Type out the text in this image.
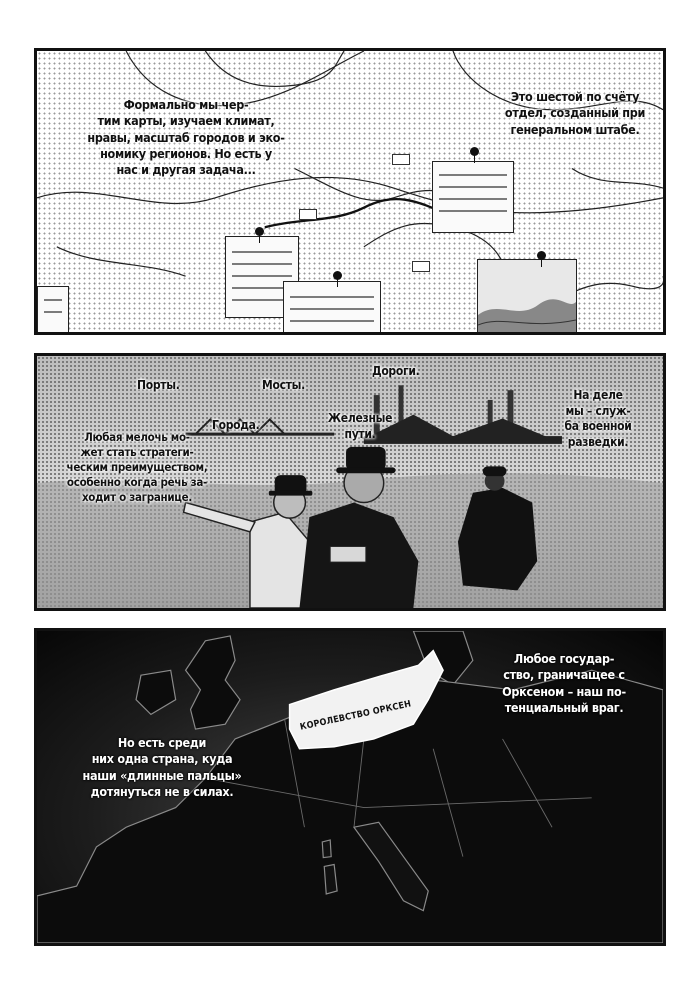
Формально мы чер-
тим карты, изучаем климат,
нравы, масштаб городов и эко-
номику регионов. Но есть у
нас и другая задача...
Это шестой по счёту
отдел, созданный при
генеральном штабе.
Порты.	Мосты.
Дороги.
Города.	Железные
пути.
Любая мелочь мо-
жет стать стратеги-
ческим преимуществом,
особенно когда речь за-
ходит о загранице.
На деле
мы – служ-
ба военной
разведки.
КОРОЛЕВСТВО ОРКСЕН
Любое государ-
ство, граничащее с
Орксеном – наш по-
тенциальный враг.
Но есть среди
них одна страна, куда
наши «длинные пальцы»
дотянуться не в силах.
